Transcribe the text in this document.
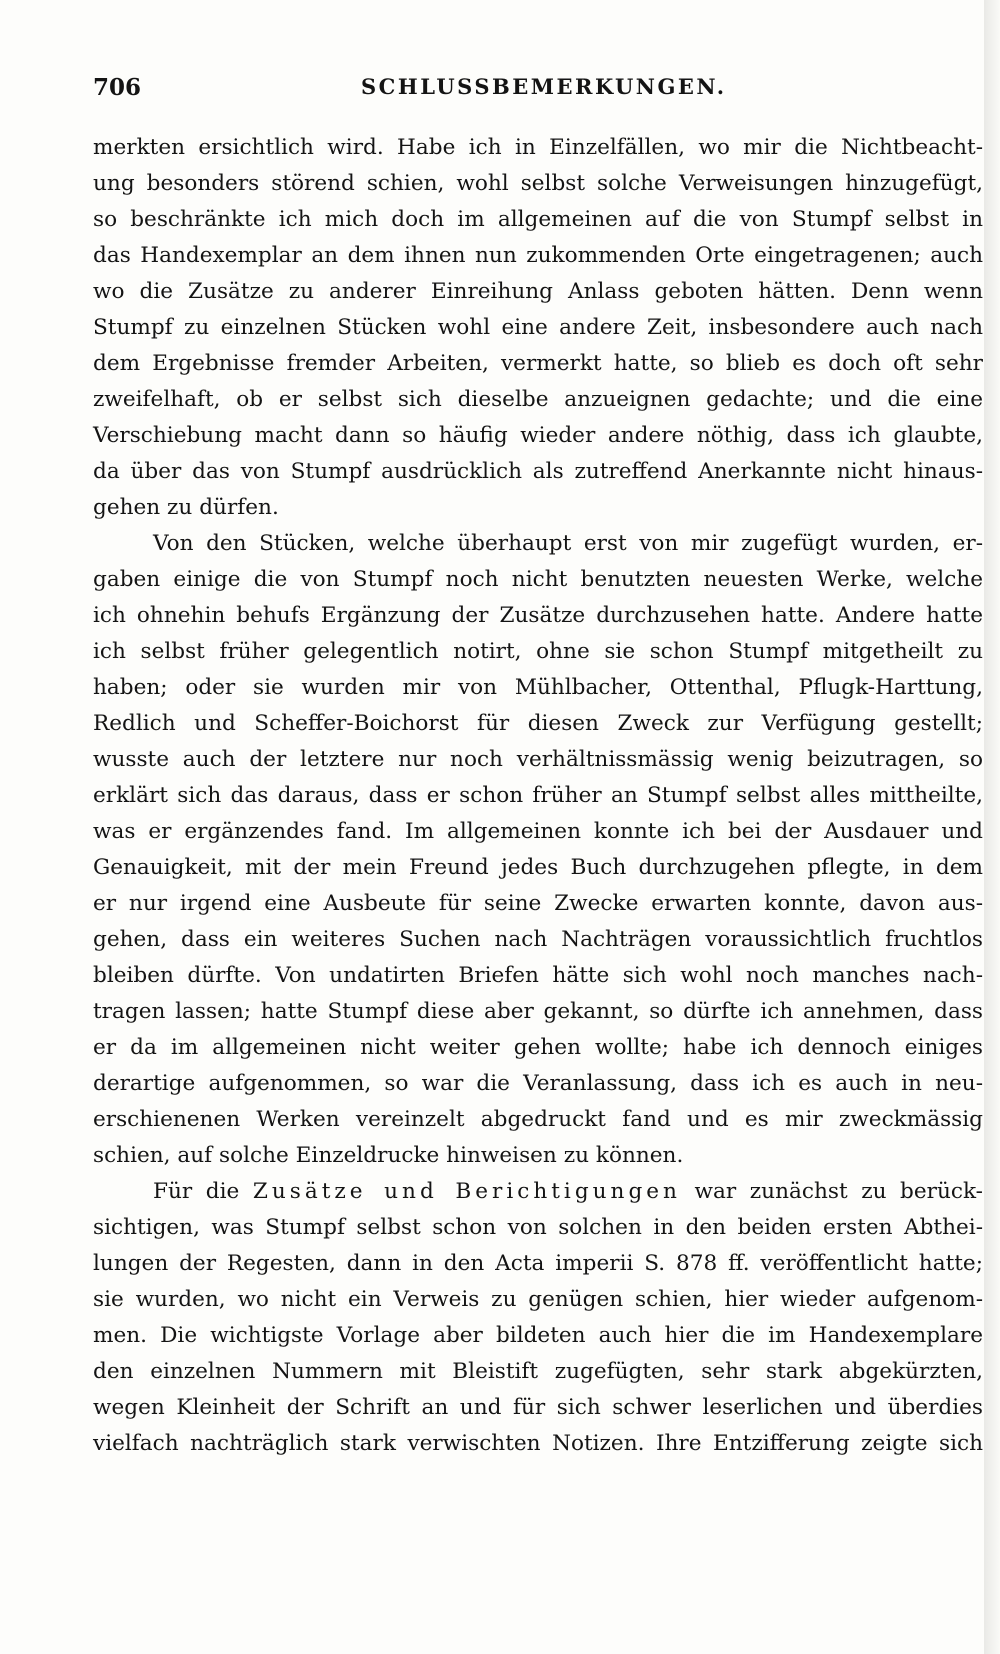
706	SCHLUSSBEMERKUNGEN.
merkten ersichtlich wird. Habe ich in Einzelfällen, wo mir die Nichtbeacht-
ung besonders störend schien, wohl selbst solche Verweisungen hinzugefügt,
so beschränkte ich mich doch im allgemeinen auf die von Stumpf selbst in
das Handexemplar an dem ihnen nun zukommenden Orte eingetragenen; auch
wo die Zusätze zu anderer Einreihung Anlass geboten hätten. Denn wenn
Stumpf zu einzelnen Stücken wohl eine andere Zeit, insbesondere auch nach
dem Ergebnisse fremder Arbeiten, vermerkt hatte, so blieb es doch oft sehr
zweifelhaft, ob er selbst sich dieselbe anzueignen gedachte; und die eine
Verschiebung macht dann so häufig wieder andere nöthig, dass ich glaubte,
da über das von Stumpf ausdrücklich als zutreffend Anerkannte nicht hinaus-
gehen zu dürfen.
Von den Stücken, welche überhaupt erst von mir zugefügt wurden, er-
gaben einige die von Stumpf noch nicht benutzten neuesten Werke, welche
ich ohnehin behufs Ergänzung der Zusätze durchzusehen hatte. Andere hatte
ich selbst früher gelegentlich notirt, ohne sie schon Stumpf mitgetheilt zu
haben; oder sie wurden mir von Mühlbacher, Ottenthal, Pflugk-Harttung,
Redlich und Scheffer-Boichorst für diesen Zweck zur Verfügung gestellt;
wusste auch der letztere nur noch verhältnissmässig wenig beizutragen, so
erklärt sich das daraus, dass er schon früher an Stumpf selbst alles mittheilte,
was er ergänzendes fand. Im allgemeinen konnte ich bei der Ausdauer und
Genauigkeit, mit der mein Freund jedes Buch durchzugehen pflegte, in dem
er nur irgend eine Ausbeute für seine Zwecke erwarten konnte, davon aus-
gehen, dass ein weiteres Suchen nach Nachträgen voraussichtlich fruchtlos
bleiben dürfte. Von undatirten Briefen hätte sich wohl noch manches nach-
tragen lassen; hatte Stumpf diese aber gekannt, so dürfte ich annehmen, dass
er da im allgemeinen nicht weiter gehen wollte; habe ich dennoch einiges
derartige aufgenommen, so war die Veranlassung, dass ich es auch in neu-
erschienenen Werken vereinzelt abgedruckt fand und es mir zweckmässig
schien, auf solche Einzeldrucke hinweisen zu können.
Für die Zusätze und Berichtigungen war zunächst zu berück-
sichtigen, was Stumpf selbst schon von solchen in den beiden ersten Abthei-
lungen der Regesten, dann in den Acta imperii S. 878 ff. veröffentlicht hatte;
sie wurden, wo nicht ein Verweis zu genügen schien, hier wieder aufgenom-
men. Die wichtigste Vorlage aber bildeten auch hier die im Handexemplare
den einzelnen Nummern mit Bleistift zugefügten, sehr stark abgekürzten,
wegen Kleinheit der Schrift an und für sich schwer leserlichen und überdies
vielfach nachträglich stark verwischten Notizen. Ihre Entzifferung zeigte sich
